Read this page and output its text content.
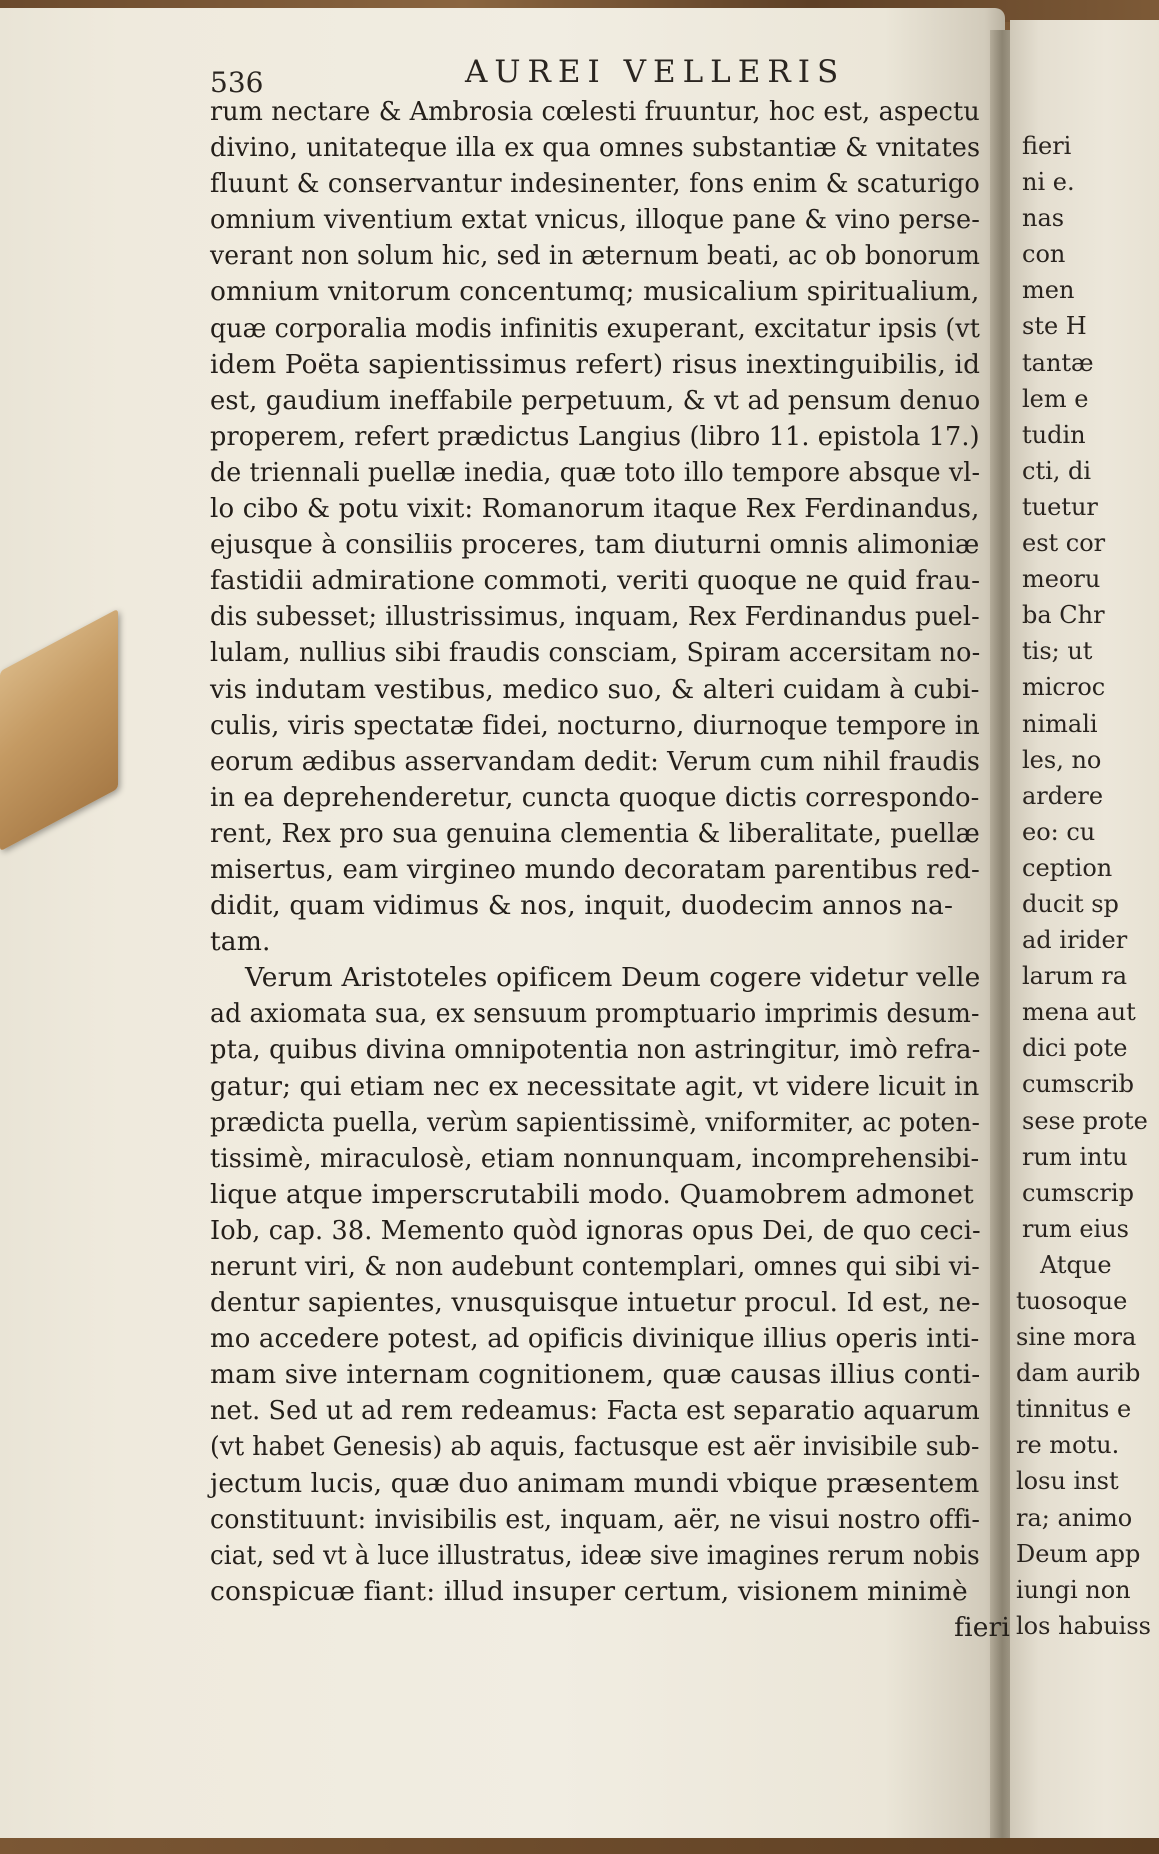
fieri
ni e.
nas
con
men
ste H
tantæ
lem e
tudin
cti, di
tuetur
est cor
meoru
ba Chr
tis; ut
microc
nimali
les, no
ardere
eo: cu
ception
ducit sp
ad irider
larum ra
mena aut
dici pote
cumscrib
sese prote
rum intu
cumscrip
rum eius
Atque
tuosoque
sine mora
dam aurib
tinnitus e
re motu.
losu inst
ra; animo
Deum app
iungi non
los habuiss
536	AUREI VELLERIS
rum nectare & Ambrosia cœlesti fruuntur, hoc est, aspectu
divino, unitateque illa ex qua omnes substantiæ & vnitates
fluunt & conservantur indesinenter, fons enim & scaturigo
omnium viventium extat vnicus, illoque pane & vino perse-
verant non solum hic, sed in æternum beati, ac ob bonorum
omnium vnitorum concentumq; musicalium spiritualium,
quæ corporalia modis infinitis exuperant, excitatur ipsis (vt
idem Poëta sapientissimus refert) risus inextinguibilis, id
est, gaudium ineffabile perpetuum, & vt ad pensum denuo
properem, refert prædictus Langius (libro 11. epistola 17.)
de triennali puellæ inedia, quæ toto illo tempore absque vl-
lo cibo & potu vixit: Romanorum itaque Rex Ferdinandus,
ejusque à consiliis proceres, tam diuturni omnis alimoniæ
fastidii admiratione commoti, veriti quoque ne quid frau-
dis subesset; illustrissimus, inquam, Rex Ferdinandus puel-
lulam, nullius sibi fraudis consciam, Spiram accersitam no-
vis indutam vestibus, medico suo, & alteri cuidam à cubi-
culis, viris spectatæ fidei, nocturno, diurnoque tempore in
eorum ædibus asservandam dedit: Verum cum nihil fraudis
in ea deprehenderetur, cuncta quoque dictis correspondo-
rent, Rex pro sua genuina clementia & liberalitate, puellæ
misertus, eam virgineo mundo decoratam parentibus red-
didit, quam vidimus & nos, inquit, duodecim annos na-
tam.
Verum Aristoteles opificem Deum cogere videtur velle
ad axiomata sua, ex sensuum promptuario imprimis desum-
pta, quibus divina omnipotentia non astringitur, imò refra-
gatur; qui etiam nec ex necessitate agit, vt videre licuit in
prædicta puella, verùm sapientissimè, vniformiter, ac poten-
tissimè, miraculosè, etiam nonnunquam, incomprehensibi-
lique atque imperscrutabili modo. Quamobrem admonet
Iob, cap. 38. Memento quòd ignoras opus Dei, de quo ceci-
nerunt viri, & non audebunt contemplari, omnes qui sibi vi-
dentur sapientes, vnusquisque intuetur procul. Id est, ne-
mo accedere potest, ad opificis divinique illius operis inti-
mam sive internam cognitionem, quæ causas illius conti-
net. Sed ut ad rem redeamus: Facta est separatio aquarum
(vt habet Genesis) ab aquis, factusque est aër invisibile sub-
jectum lucis, quæ duo animam mundi vbique præsentem
constituunt: invisibilis est, inquam, aër, ne visui nostro offi-
ciat, sed vt à luce illustratus, ideæ sive imagines rerum nobis
conspicuæ fiant: illud insuper certum, visionem minimè
fieri
